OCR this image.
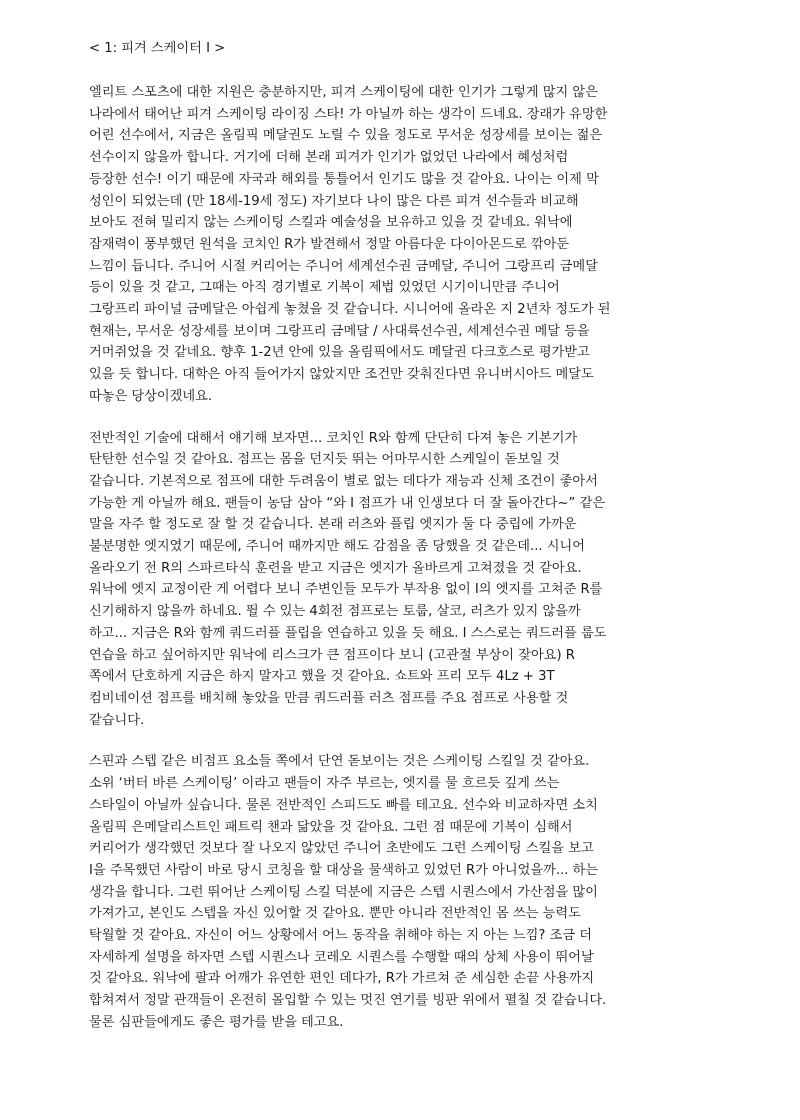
< 1: 피겨 스케이터 I >
엘리트 스포츠에 대한 지원은 충분하지만, 피겨 스케이팅에 대한 인기가 그렇게 많지 않은
나라에서 태어난 피겨 스케이팅 라이징 스타! 가 아닐까 하는 생각이 드네요. 장래가 유망한
어린 선수에서, 지금은 올림픽 메달권도 노릴 수 있을 정도로 무서운 성장세를 보이는 젊은
선수이지 않을까 합니다. 거기에 더해 본래 피겨가 인기가 없었던 나라에서 혜성처럼
등장한 선수! 이기 때문에 자국과 해외를 통틀어서 인기도 많을 것 같아요. 나이는 이제 막
성인이 되었는데 (만 18세-19세 정도) 자기보다 나이 많은 다른 피겨 선수들과 비교해
보아도 전혀 밀리지 않는 스케이팅 스킬과 예술성을 보유하고 있을 것 같네요. 워낙에
잠재력이 풍부했던 원석을 코치인 R가 발견해서 정말 아름다운 다이아몬드로 깎아둔
느낌이 듭니다. 주니어 시절 커리어는 주니어 세계선수권 금메달, 주니어 그랑프리 금메달
등이 있을 것 같고, 그때는 아직 경기별로 기복이 제법 있었던 시기이니만큼 주니어
그랑프리 파이널 금메달은 아쉽게 놓쳤을 것 같습니다. 시니어에 올라온 지 2년차 정도가 된
현재는, 무서운 성장세를 보이며 그랑프리 금메달 / 사대륙선수권, 세계선수권 메달 등을
거머쥐었을 것 같네요. 향후 1-2년 안에 있을 올림픽에서도 메달권 다크호스로 평가받고
있을 듯 합니다. 대학은 아직 들어가지 않았지만 조건만 갖춰진다면 유니버시아드 메달도
따놓은 당상이겠네요.
전반적인 기술에 대해서 얘기해 보자면... 코치인 R와 함께 단단히 다져 놓은 기본기가
탄탄한 선수일 것 같아요. 점프는 몸을 던지듯 뛰는 어마무시한 스케일이 돋보일 것
같습니다. 기본적으로 점프에 대한 두려움이 별로 없는 데다가 재능과 신체 조건이 좋아서
가능한 게 아닐까 해요. 팬들이 농담 삼아 “와 I 점프가 내 인생보다 더 잘 돌아간다~” 같은
말을 자주 할 정도로 잘 할 것 같습니다. 본래 러츠와 플립 엣지가 둘 다 중립에 가까운
불분명한 엣지였기 때문에, 주니어 때까지만 해도 감점을 좀 당했을 것 같은데... 시니어
올라오기 전 R의 스파르타식 훈련을 받고 지금은 엣지가 올바르게 고쳐졌을 것 같아요.
워낙에 엣지 교정이란 게 어렵다 보니 주변인들 모두가 부작용 없이 I의 엣지를 고쳐준 R를
신기해하지 않을까 하네요. 뛸 수 있는 4회전 점프로는 토룹, 살코, 러츠가 있지 않을까
하고... 지금은 R와 함께 쿼드러플 플립을 연습하고 있을 듯 해요. I 스스로는 쿼드러플 룹도
연습을 하고 싶어하지만 워낙에 리스크가 큰 점프이다 보니 (고관절 부상이 잦아요) R
쪽에서 단호하게 지금은 하지 말자고 했을 것 같아요. 쇼트와 프리 모두 4Lz + 3T
컴비네이션 점프를 배치해 놓았을 만큼 쿼드러플 러츠 점프를 주요 점프로 사용할 것
같습니다.
스핀과 스텝 같은 비점프 요소들 쪽에서 단연 돋보이는 것은 스케이팅 스킬일 것 같아요.
소위 ‘버터 바른 스케이팅’ 이라고 팬들이 자주 부르는, 엣지를 물 흐르듯 깊게 쓰는
스타일이 아닐까 싶습니다. 물론 전반적인 스피드도 빠를 테고요. 선수와 비교하자면 소치
올림픽 은메달리스트인 패트릭 챈과 닮았을 것 같아요. 그런 점 때문에 기복이 심해서
커리어가 생각했던 것보다 잘 나오지 않았던 주니어 초반에도 그런 스케이팅 스킬을 보고
I을 주목했던 사람이 바로 당시 코칭을 할 대상을 물색하고 있었던 R가 아니었을까... 하는
생각을 합니다. 그런 뛰어난 스케이팅 스킬 덕분에 지금은 스텝 시퀀스에서 가산점을 많이
가져가고, 본인도 스텝을 자신 있어할 것 같아요. 뿐만 아니라 전반적인 몸 쓰는 능력도
탁월할 것 같아요. 자신이 어느 상황에서 어느 동작을 취해야 하는 지 아는 느낌? 조금 더
자세하게 설명을 하자면 스텝 시퀀스나 코레오 시퀀스를 수행할 때의 상체 사용이 뛰어날
것 같아요. 워낙에 팔과 어깨가 유연한 편인 데다가, R가 가르쳐 준 세심한 손끝 사용까지
합쳐져서 정말 관객들이 온전히 몰입할 수 있는 멋진 연기를 빙판 위에서 펼칠 것 같습니다.
물론 심판들에게도 좋은 평가를 받을 테고요.
